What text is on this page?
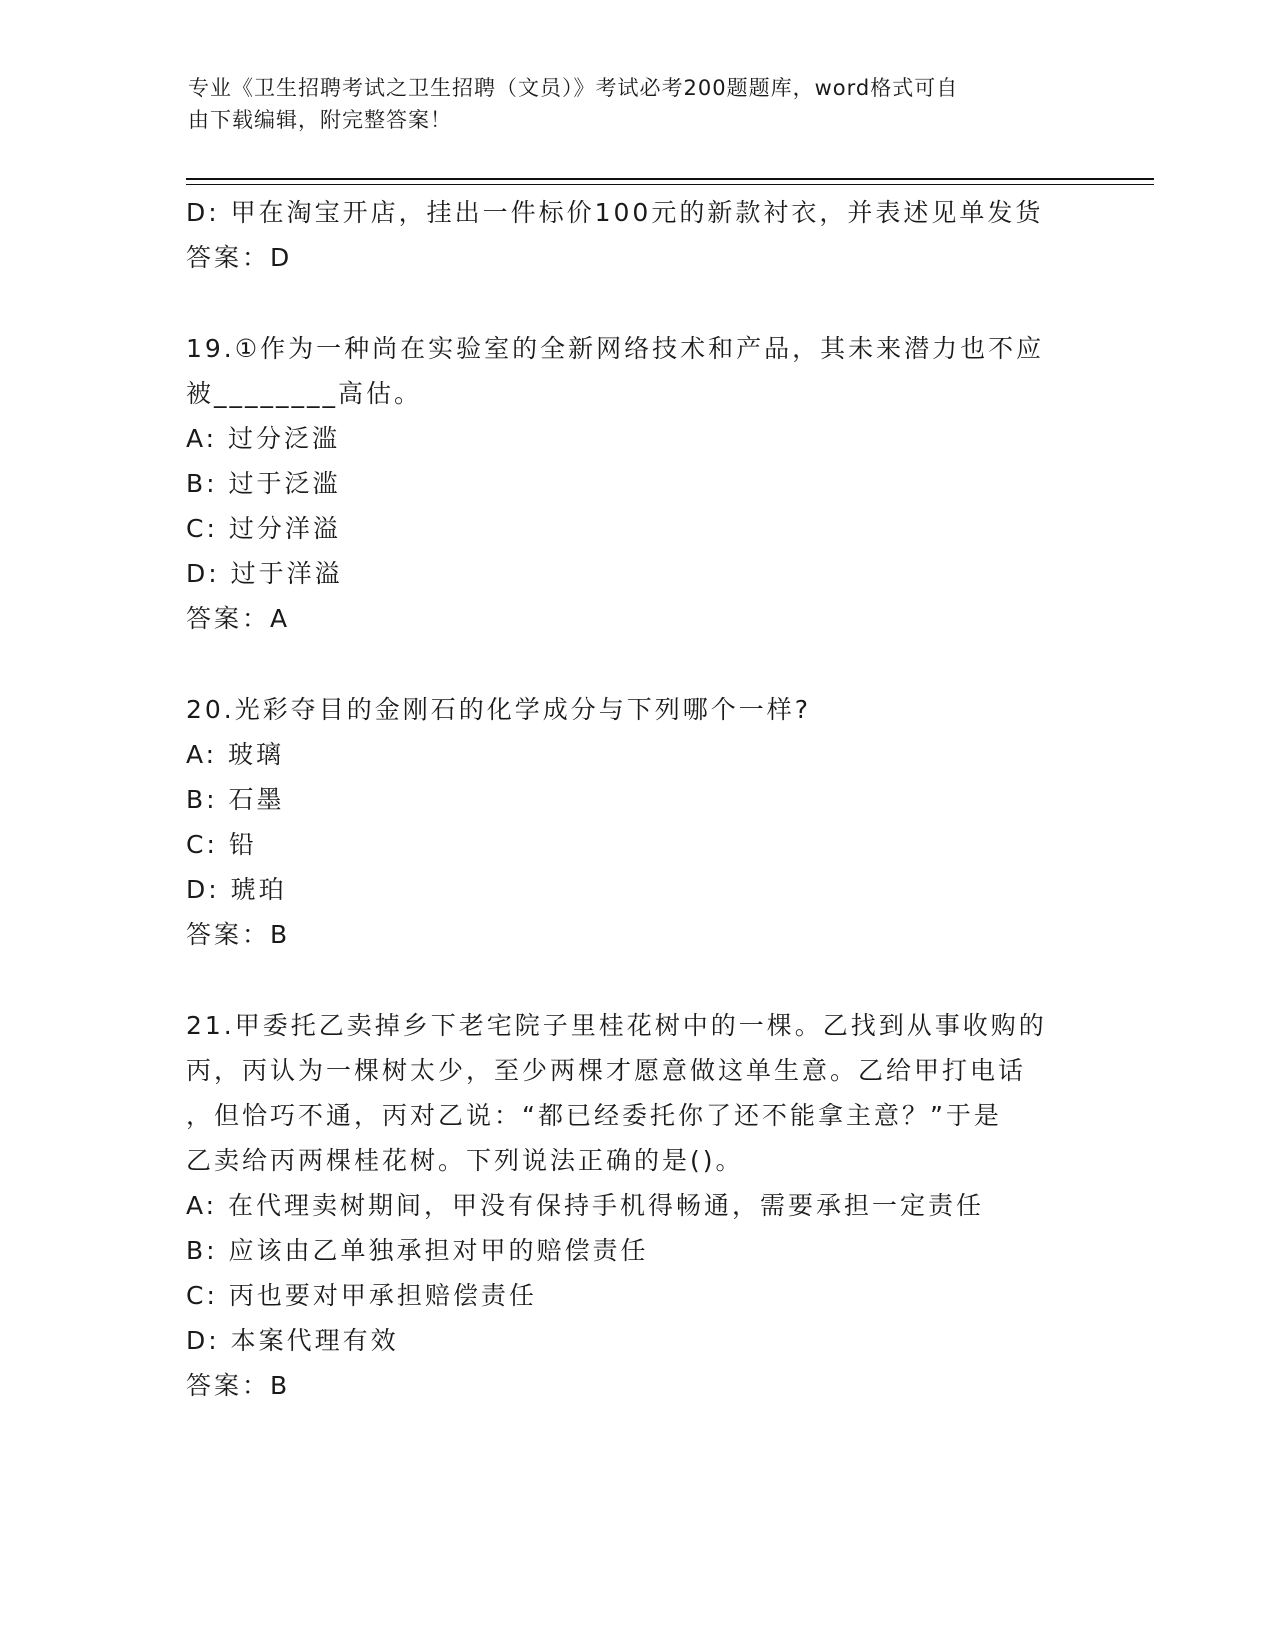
专业《卫生招聘考试之卫生招聘（文员）》考试必考200题题库，word格式可自
由下载编辑，附完整答案！
D: 甲在淘宝开店，挂出一件标价100元的新款衬衣，并表述见单发货
答案：D
19.①作为一种尚在实验室的全新网络技术和产品，其未来潜力也不应
被________高估。
A: 过分泛滥
B: 过于泛滥
C: 过分洋溢
D: 过于洋溢
答案：A
20.光彩夺目的金刚石的化学成分与下列哪个一样?
A: 玻璃
B: 石墨
C: 铅
D: 琥珀
答案：B
21.甲委托乙卖掉乡下老宅院子里桂花树中的一棵。乙找到从事收购的
丙，丙认为一棵树太少，至少两棵才愿意做这单生意。乙给甲打电话
，但恰巧不通，丙对乙说：“都已经委托你了还不能拿主意？”于是
乙卖给丙两棵桂花树。下列说法正确的是()。
A: 在代理卖树期间，甲没有保持手机得畅通，需要承担一定责任
B: 应该由乙单独承担对甲的赔偿责任
C: 丙也要对甲承担赔偿责任
D: 本案代理有效
答案：B
